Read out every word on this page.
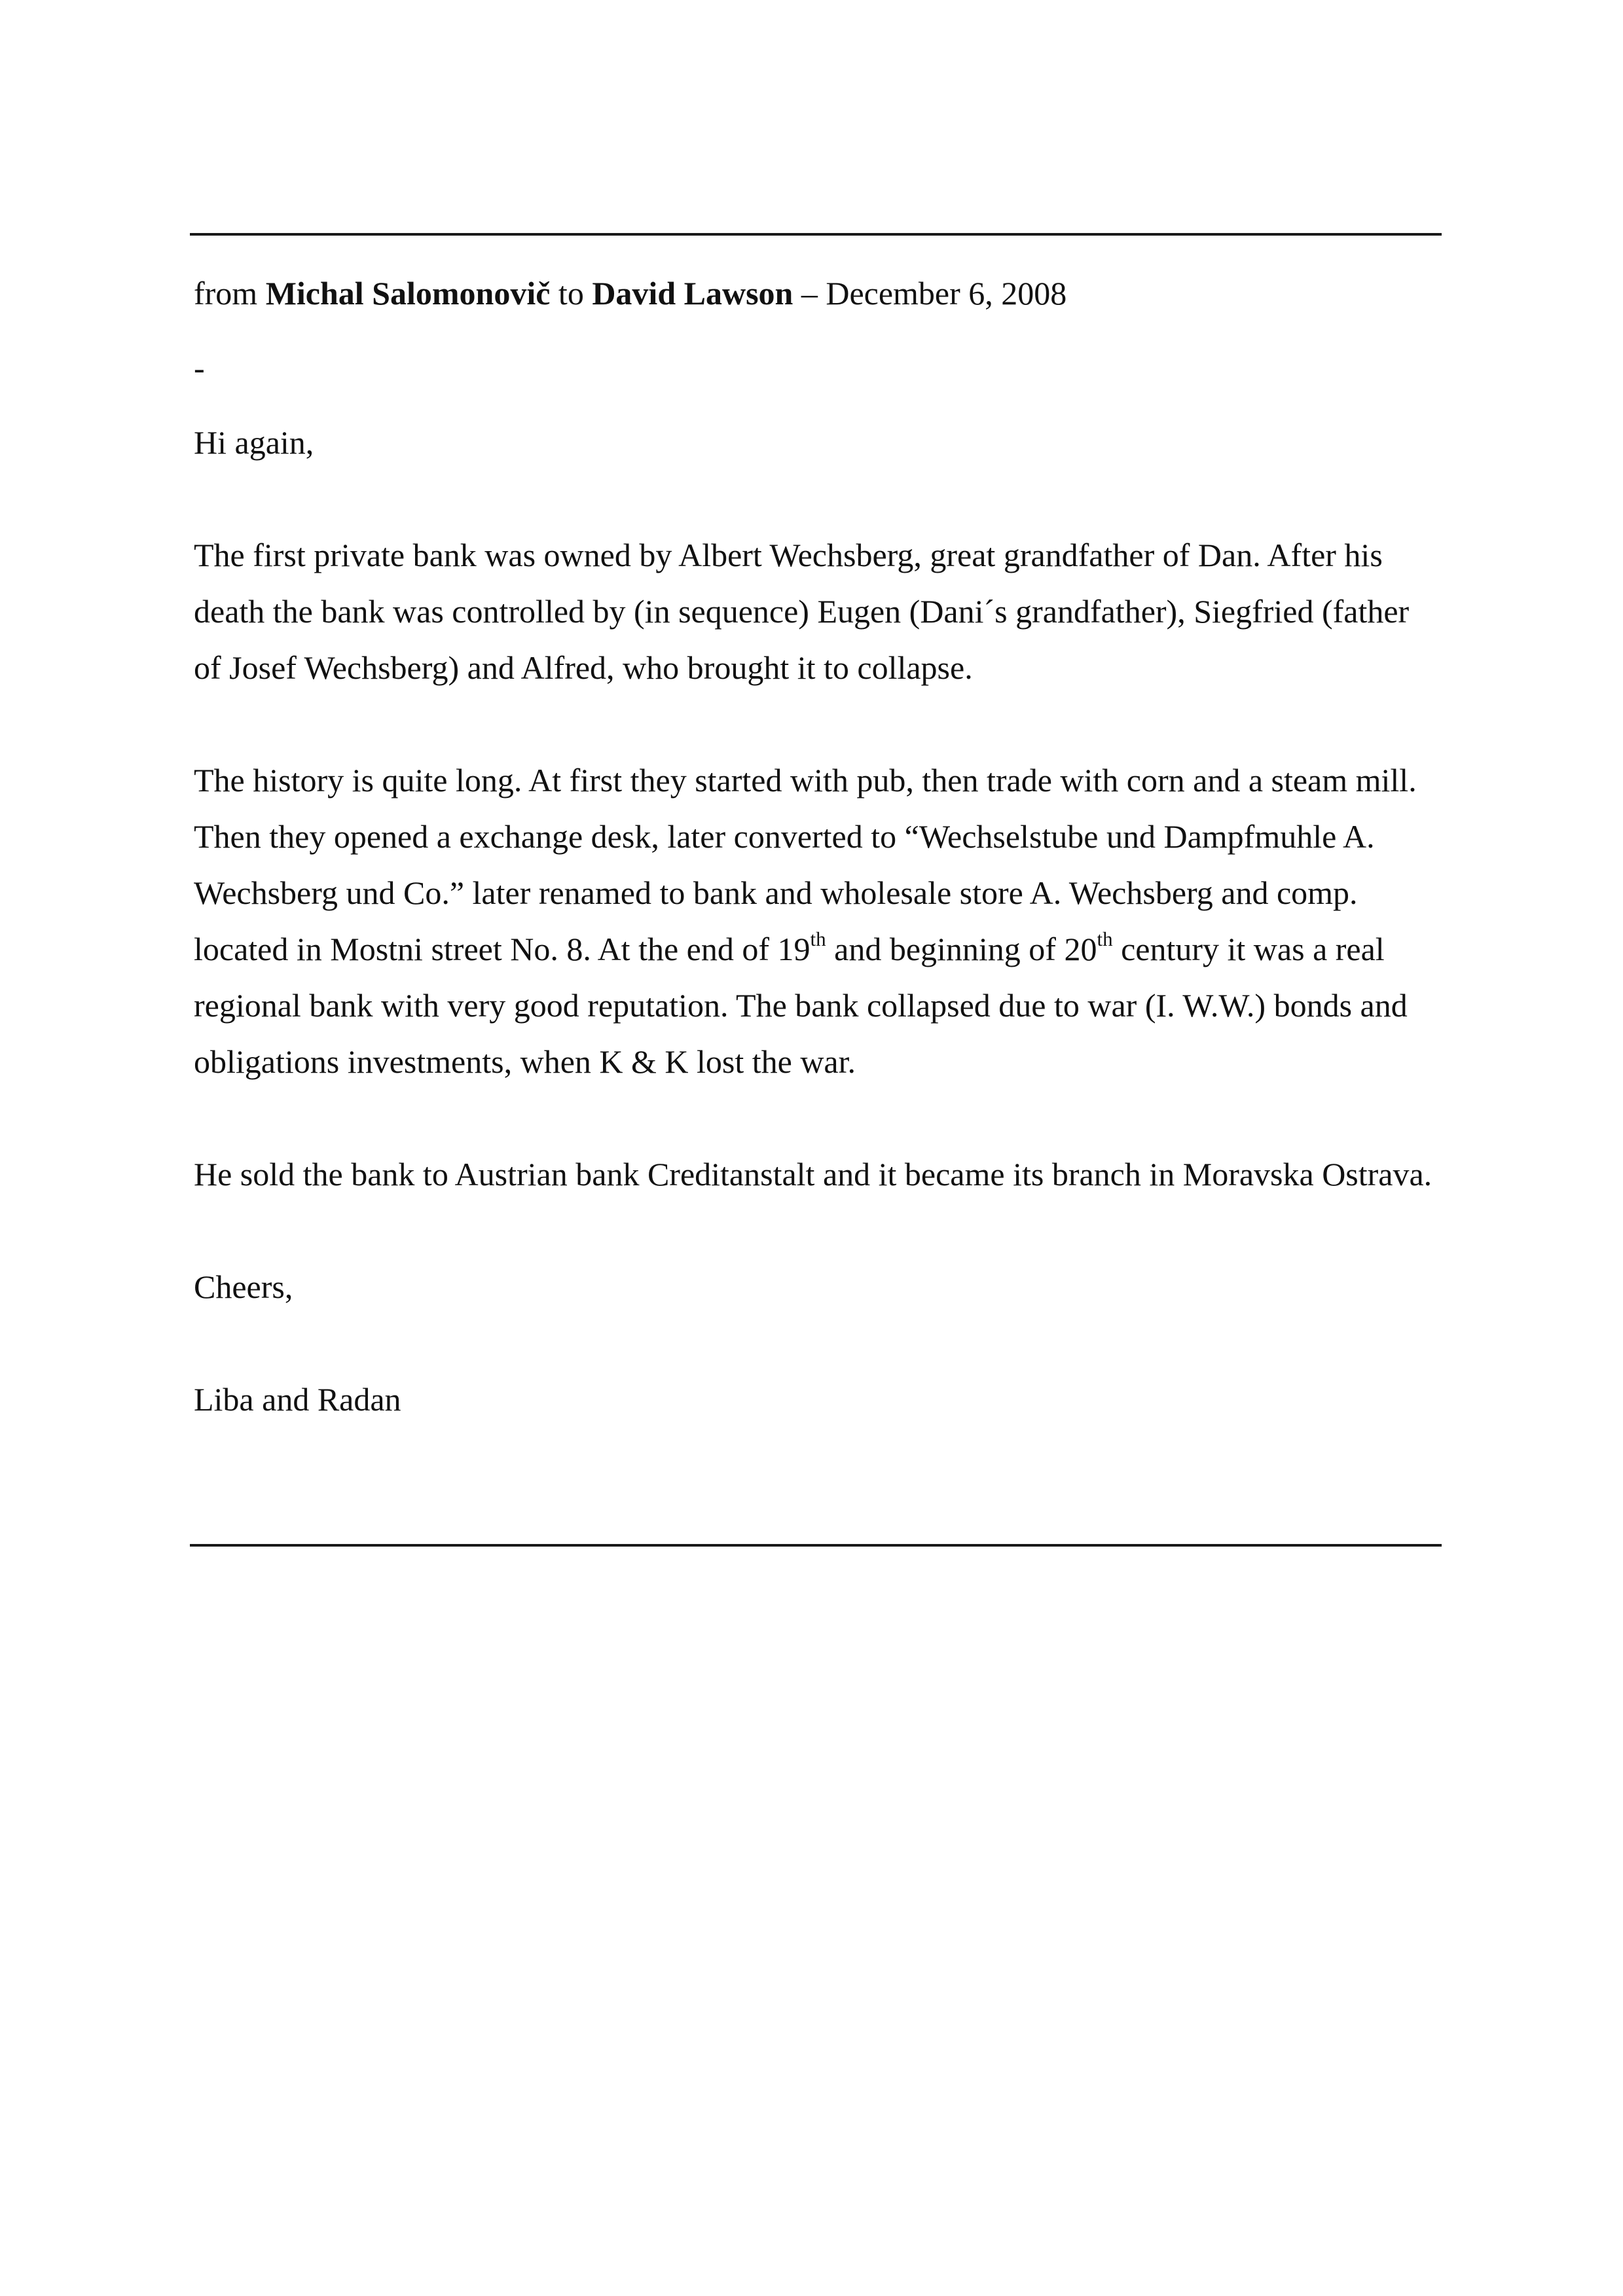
from Michal Salomonovič to David Lawson – December 6, 2008

-

Hi again,

The first private bank was owned by Albert Wechsberg, great grandfather of Dan. After his death the bank was controlled by (in sequence) Eugen (Dani´s grandfather), Siegfried (father of Josef Wechsberg) and Alfred, who brought it to collapse.

The history is quite long. At first they started with pub, then trade with corn and a steam mill. Then they opened a exchange desk, later converted to “Wechselstube und Dampfmuhle A. Wechsberg und Co.” later renamed to bank and wholesale store A. Wechsberg and comp. located in Mostni street No. 8. At the end of 19th and beginning of 20th century it was a real regional bank with very good reputation. The bank collapsed due to war (I. W.W.) bonds and obligations investments, when K & K lost the war.

He sold the bank to Austrian bank Creditanstalt and it became its branch in Moravska Ostrava.

Cheers,

Liba and Radan
